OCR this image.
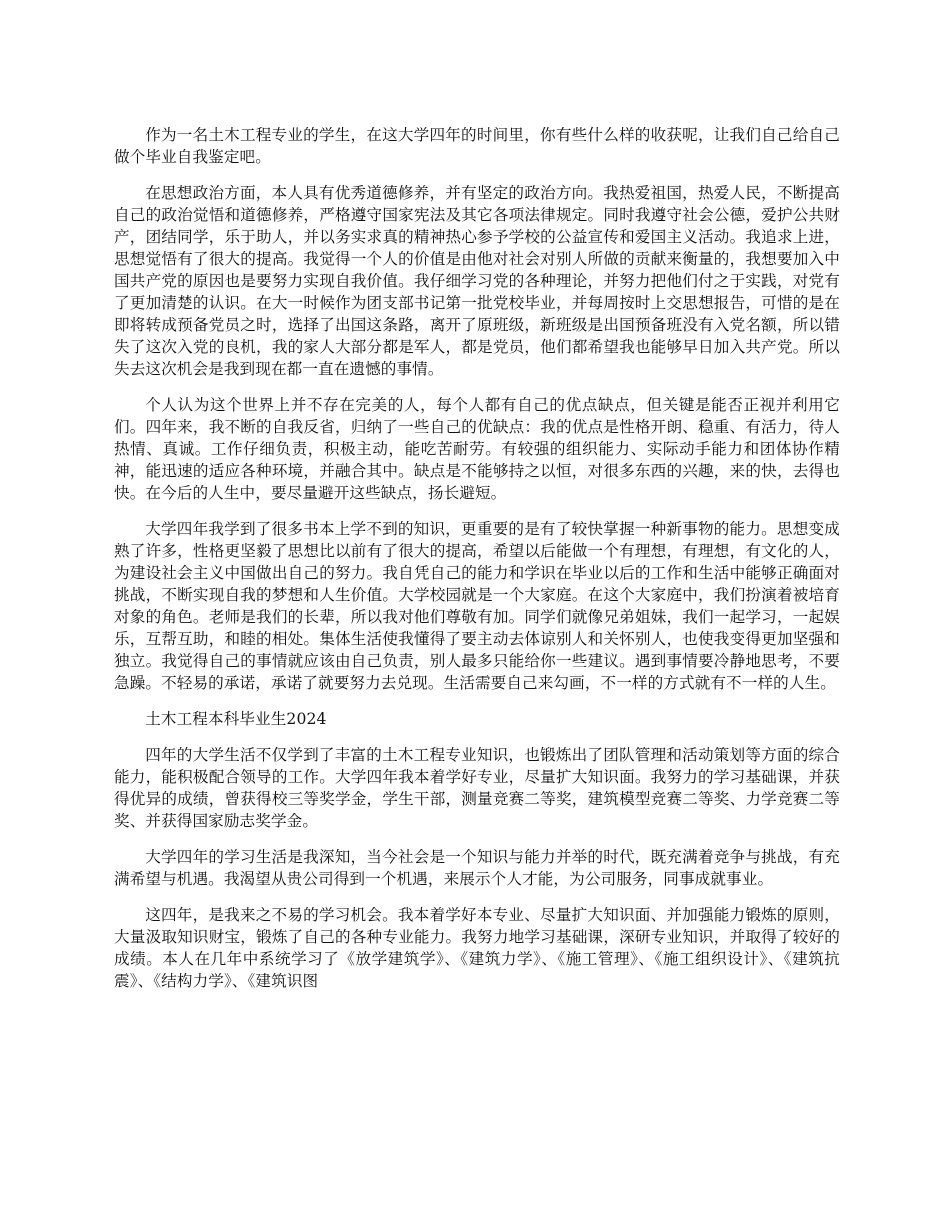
作为一名土木工程专业的学生，在这大学四年的时间里，你有些什么样的收获呢，让我们自己给自己做个毕业自我鉴定吧。

在思想政治方面，本人具有优秀道德修养，并有坚定的政治方向。我热爱祖国，热爱人民，不断提高自己的政治觉悟和道德修养，严格遵守国家宪法及其它各项法律规定。同时我遵守社会公德，爱护公共财产，团结同学，乐于助人，并以务实求真的精神热心参予学校的公益宣传和爱国主义活动。我追求上进，思想觉悟有了很大的提高。我觉得一个人的价值是由他对社会对别人所做的贡献来衡量的，我想要加入中国共产党的原因也是要努力实现自我价值。我仔细学习党的各种理论，并努力把他们付之于实践，对党有了更加清楚的认识。在大一时候作为团支部书记第一批党校毕业，并每周按时上交思想报告，可惜的是在即将转成预备党员之时，选择了出国这条路，离开了原班级，新班级是出国预备班没有入党名额，所以错失了这次入党的良机，我的家人大部分都是军人，都是党员，他们都希望我也能够早日加入共产党。所以失去这次机会是我到现在都一直在遗憾的事情。

个人认为这个世界上并不存在完美的人，每个人都有自己的优点缺点，但关键是能否正视并利用它们。四年来，我不断的自我反省，归纳了一些自己的优缺点：我的优点是性格开朗、稳重、有活力，待人热情、真诚。工作仔细负责，积极主动，能吃苦耐劳。有较强的组织能力、实际动手能力和团体协作精神，能迅速的适应各种环境，并融合其中。缺点是不能够持之以恒，对很多东西的兴趣，来的快，去得也快。在今后的人生中，要尽量避开这些缺点，扬长避短。

大学四年我学到了很多书本上学不到的知识，更重要的是有了较快掌握一种新事物的能力。思想变成熟了许多，性格更坚毅了思想比以前有了很大的提高，希望以后能做一个有理想，有理想，有文化的人，为建设社会主义中国做出自己的努力。我自凭自己的能力和学识在毕业以后的工作和生活中能够正确面对挑战，不断实现自我的梦想和人生价值。大学校园就是一个大家庭。在这个大家庭中，我们扮演着被培育对象的角色。老师是我们的长辈，所以我对他们尊敬有加。同学们就像兄弟姐妹，我们一起学习，一起娱乐，互帮互助，和睦的相处。集体生活使我懂得了要主动去体谅别人和关怀别人，也使我变得更加坚强和独立。我觉得自己的事情就应该由自己负责，别人最多只能给你一些建议。遇到事情要冷静地思考，不要急躁。不轻易的承诺，承诺了就要努力去兑现。生活需要自己来勾画，不一样的方式就有不一样的人生。

土木工程本科毕业生2024

四年的大学生活不仅学到了丰富的土木工程专业知识，也锻炼出了团队管理和活动策划等方面的综合能力，能积极配合领导的工作。大学四年我本着学好专业，尽量扩大知识面。我努力的学习基础课，并获得优异的成绩，曾获得校三等奖学金，学生干部，测量竞赛二等奖，建筑模型竞赛二等奖、力学竞赛二等奖、并获得国家励志奖学金。

大学四年的学习生活是我深知，当今社会是一个知识与能力并举的时代，既充满着竞争与挑战，有充满希望与机遇。我渴望从贵公司得到一个机遇，来展示个人才能，为公司服务，同事成就事业。

这四年，是我来之不易的学习机会。我本着学好本专业、尽量扩大知识面、并加强能力锻炼的原则，大量汲取知识财宝，锻炼了自己的各种专业能力。我努力地学习基础课，深研专业知识，并取得了较好的成绩。本人在几年中系统学习了《放学建筑学》、《建筑力学》、《施工管理》、《施工组织设计》、《建筑抗震》、《结构力学》、《建筑识图
